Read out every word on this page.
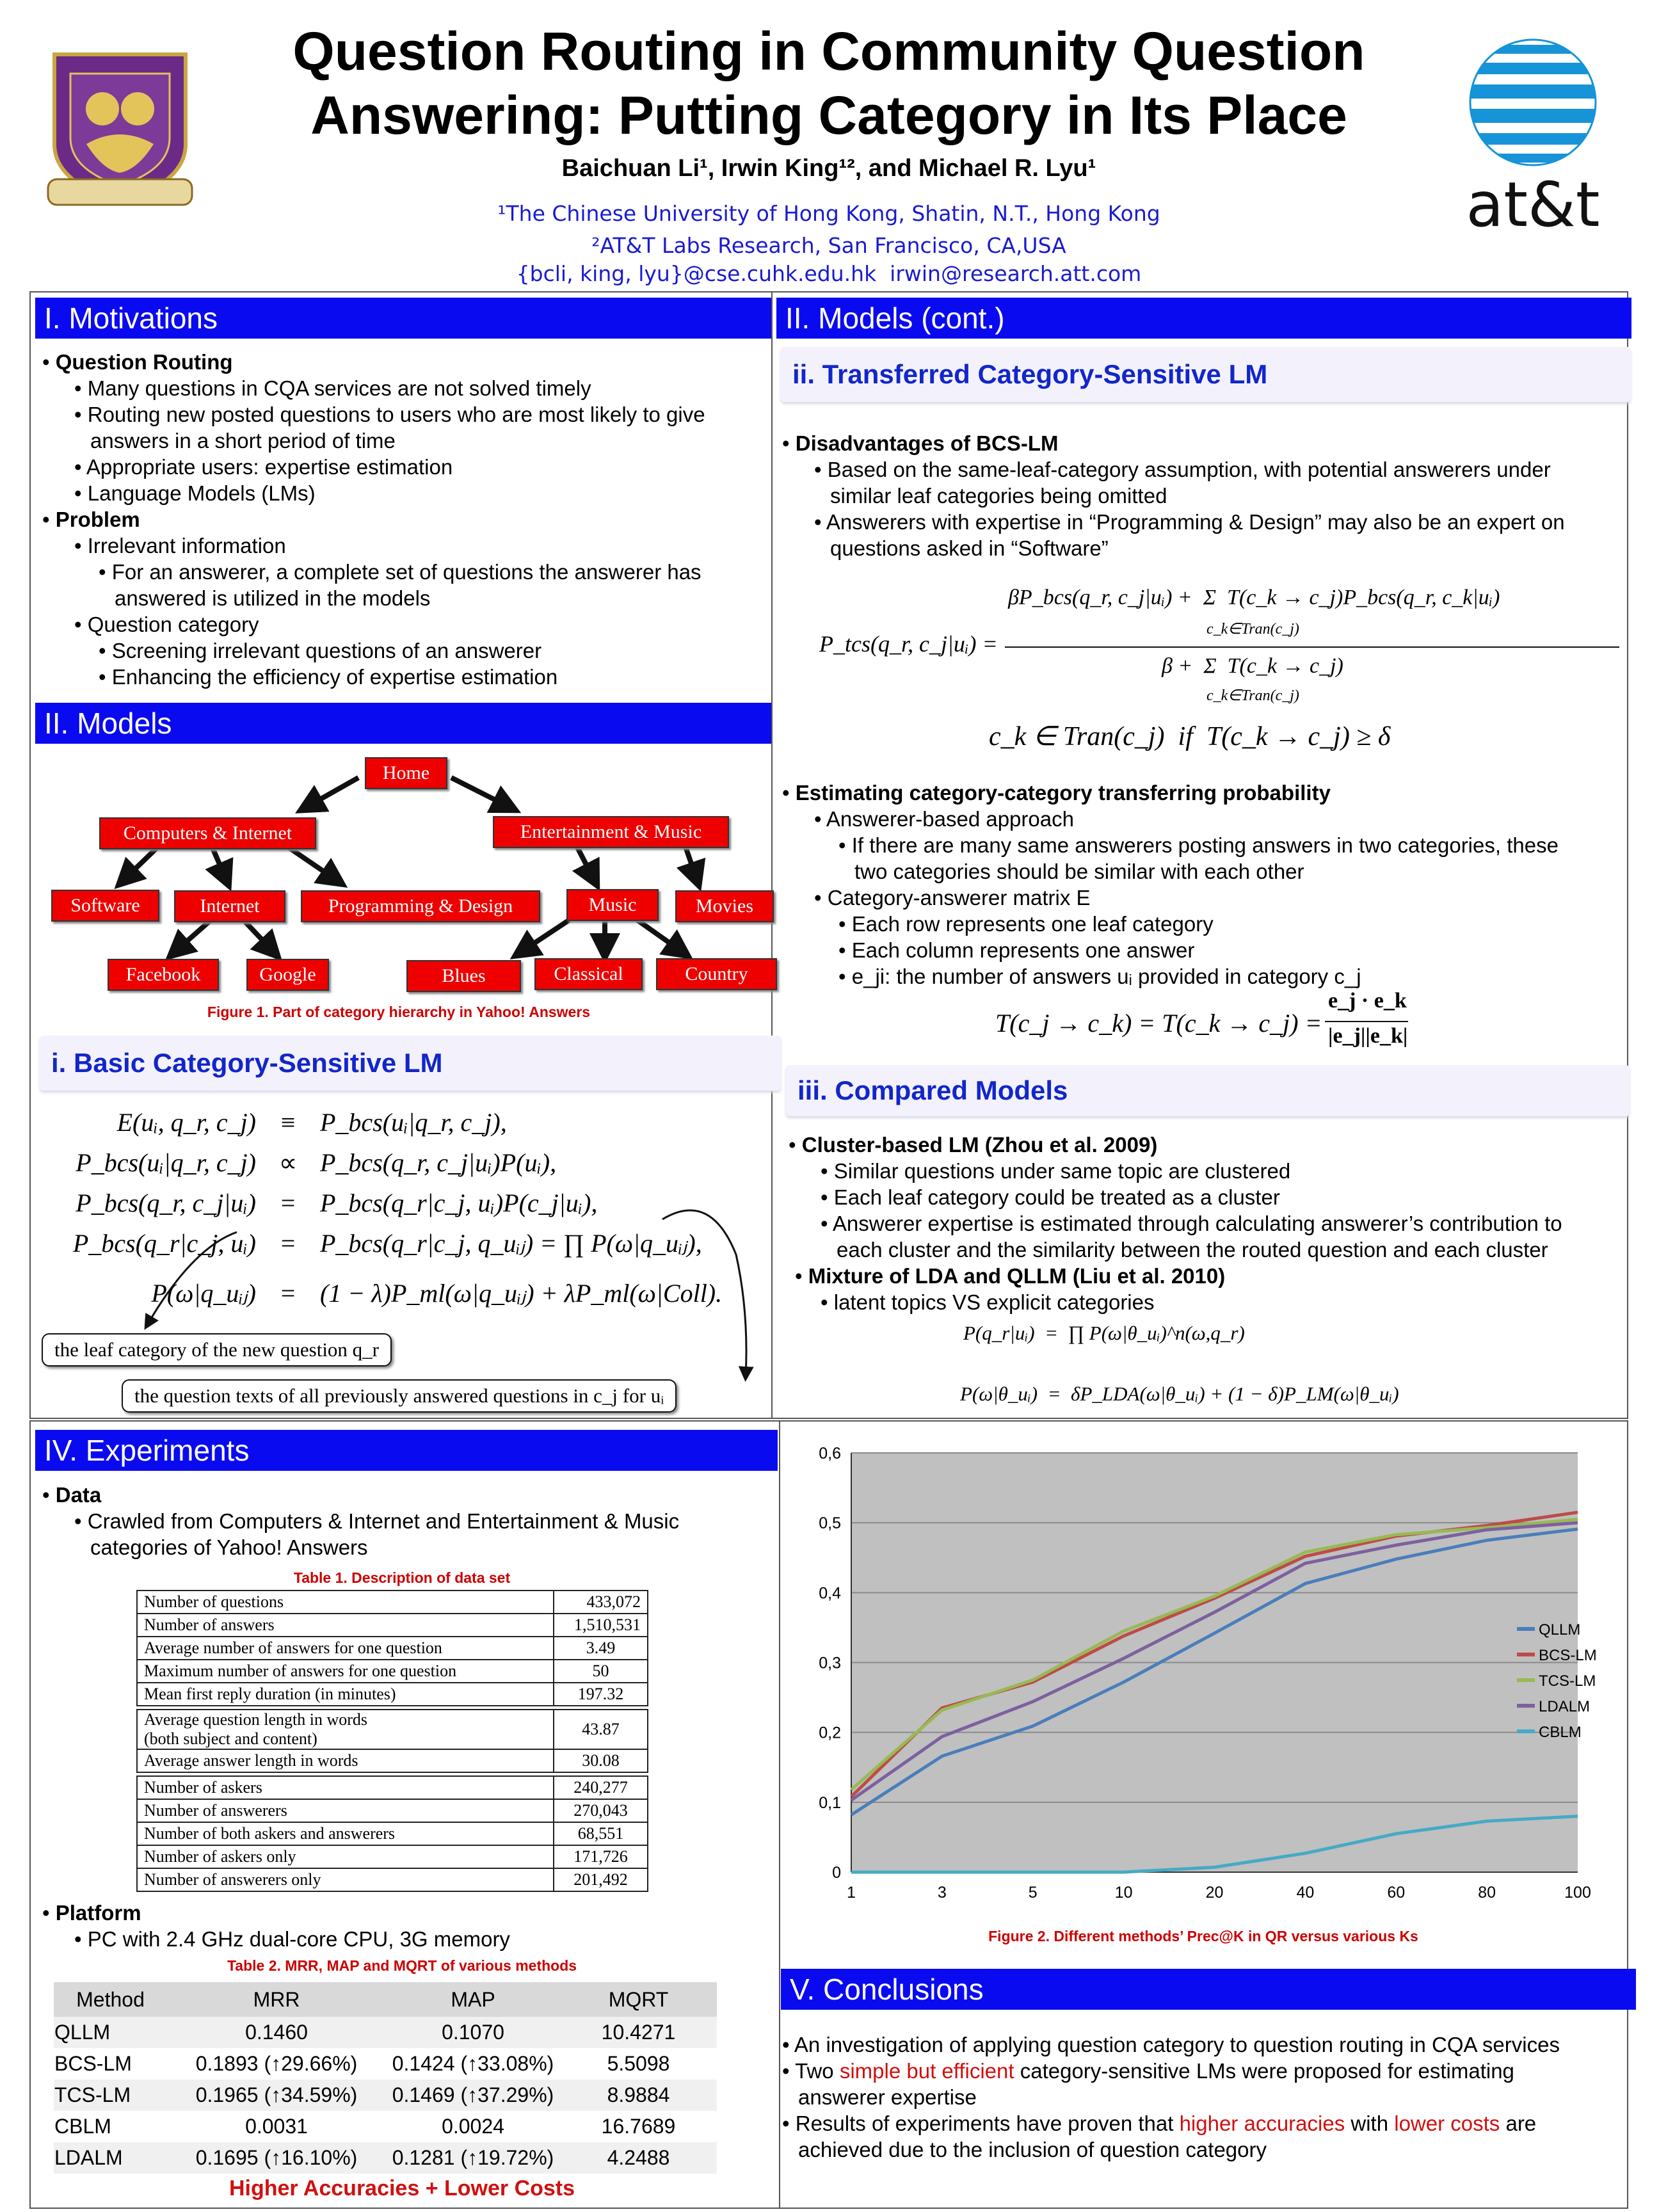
Question Routing in Community Question
Answering: Putting Category in Its Place
Baichuan Li¹, Irwin King¹², and Michael R. Lyu¹
¹The Chinese University of Hong Kong, Shatin, N.T., Hong Kong
²AT&T Labs Research, San Francisco, CA,USA
{bcli, king, lyu}@cse.cuhk.edu.hk  irwin@research.att.com
at&t
I. Motivations
• Question Routing
• Many questions in CQA services are not solved timely
• Routing new posted questions to users who are most likely to give
answers in a short period of time
• Appropriate users: expertise estimation
• Language Models (LMs)
• Problem
• Irrelevant information
• For an answerer, a complete set of questions the answerer has
answered is utilized in the models
• Question category
• Screening irrelevant questions of an answerer
• Enhancing the efficiency of expertise estimation
II. Models
Home
Computers & Internet	Entertainment & Music
Software	Internet	Programming & Design	Music	Movies
Facebook	Google	Blues	Classical	Country
Figure 1. Part of category hierarchy in Yahoo! Answers
i. Basic Category-Sensitive LM
E(uᵢ, q_r, c_j) ≡ P_bcs(uᵢ|q_r, c_j),
P_bcs(uᵢ|q_r, c_j) ∝ P_bcs(q_r, c_j|uᵢ)P(uᵢ),
P_bcs(q_r, c_j|uᵢ) = P_bcs(q_r|c_j, uᵢ)P(c_j|uᵢ),
P_bcs(q_r|c_j, uᵢ) = P_bcs(q_r|c_j, q_uᵢⱼ) = ∏ P(ω|q_uᵢⱼ),
P(ω|q_uᵢⱼ) = (1 − λ)P_ml(ω|q_uᵢⱼ) + λP_ml(ω|Coll).
the leaf category of the new question q_r
the question texts of all previously answered questions in c_j for uᵢ
II. Models (cont.)
ii. Transferred Category-Sensitive LM
• Disadvantages of BCS-LM
• Based on the same-leaf-category assumption, with potential answerers under
similar leaf categories being omitted
• Answerers with expertise in “Programming & Design” may also be an expert on
questions asked in “Software”
P_tcs(q_r, c_j|uᵢ) =
βP_bcs(q_r, c_j|uᵢ) +  Σ  T(c_k → c_j)P_bcs(q_r, c_k|uᵢ)
c_k∈Tran(c_j)
β +  Σ  T(c_k → c_j)
c_k∈Tran(c_j)
c_k ∈ Tran(c_j)  if  T(c_k → c_j) ≥ δ
• Estimating category-category transferring probability
• Answerer-based approach
• If there are many same answerers posting answers in two categories, these
two categories should be similar with each other
• Category-answerer matrix E
• Each row represents one leaf category
• Each column represents one answer
• e_ji: the number of answers uᵢ provided in category c_j
T(c_j → c_k) = T(c_k → c_j) =
e_j · e_k
|e_j||e_k|
iii. Compared Models
• Cluster-based LM (Zhou et al. 2009)
• Similar questions under same topic are clustered
• Each leaf category could be treated as a cluster
• Answerer expertise is estimated through calculating answerer’s contribution to
each cluster and the similarity between the routed question and each cluster
• Mixture of LDA and QLLM (Liu et al. 2010)
• latent topics VS explicit categories
P(q_r|uᵢ)  =  ∏ P(ω|θ_uᵢ)^n(ω,q_r)
P(ω|θ_uᵢ)  =  δP_LDA(ω|θ_uᵢ) + (1 − δ)P_LM(ω|θ_uᵢ)
IV. Experiments
• Data
• Crawled from Computers & Internet and Entertainment & Music
categories of Yahoo! Answers
Table 1. Description of data set
Number of questions	433,072
Number of answers	1,510,531
Average number of answers for one question	3.49
Maximum number of answers for one question	50
Mean first reply duration (in minutes)	197.32
Average question length in words
(both subject and content)	43.87
Average answer length in words	30.08
Number of askers	240,277
Number of answerers	270,043
Number of both askers and answerers	68,551
Number of askers only	171,726
Number of answerers only	201,492
• Platform
• PC with 2.4 GHz dual-core CPU, 3G memory
Table 2. MRR, MAP and MQRT of various methods
Method	MRR	MAP	MQRT
QLLM	0.1460	0.1070	10.4271
BCS-LM	0.1893 (↑29.66%)	0.1424 (↑33.08%)	5.5098
TCS-LM	0.1965 (↑34.59%)	0.1469 (↑37.29%)	8.9884
CBLM	0.0031	0.0024	16.7689
LDALM	0.1695 (↑16.10%)	0.1281 (↑19.72%)	4.2488
Higher Accuracies + Lower Costs
0
0,1
0,2
0,3
0,4
0,5
0,6
1	3	5	10	20	40	60	80	100
QLLM
BCS-LM
TCS-LM
LDALM
CBLM
Figure 2. Different methods’ Prec@K in QR versus various Ks
V. Conclusions
• An investigation of applying question category to question routing in CQA services
• Two simple but efficient category-sensitive LMs were proposed for estimating
answerer expertise
• Results of experiments have proven that higher accuracies with lower costs are
achieved due to the inclusion of question category
